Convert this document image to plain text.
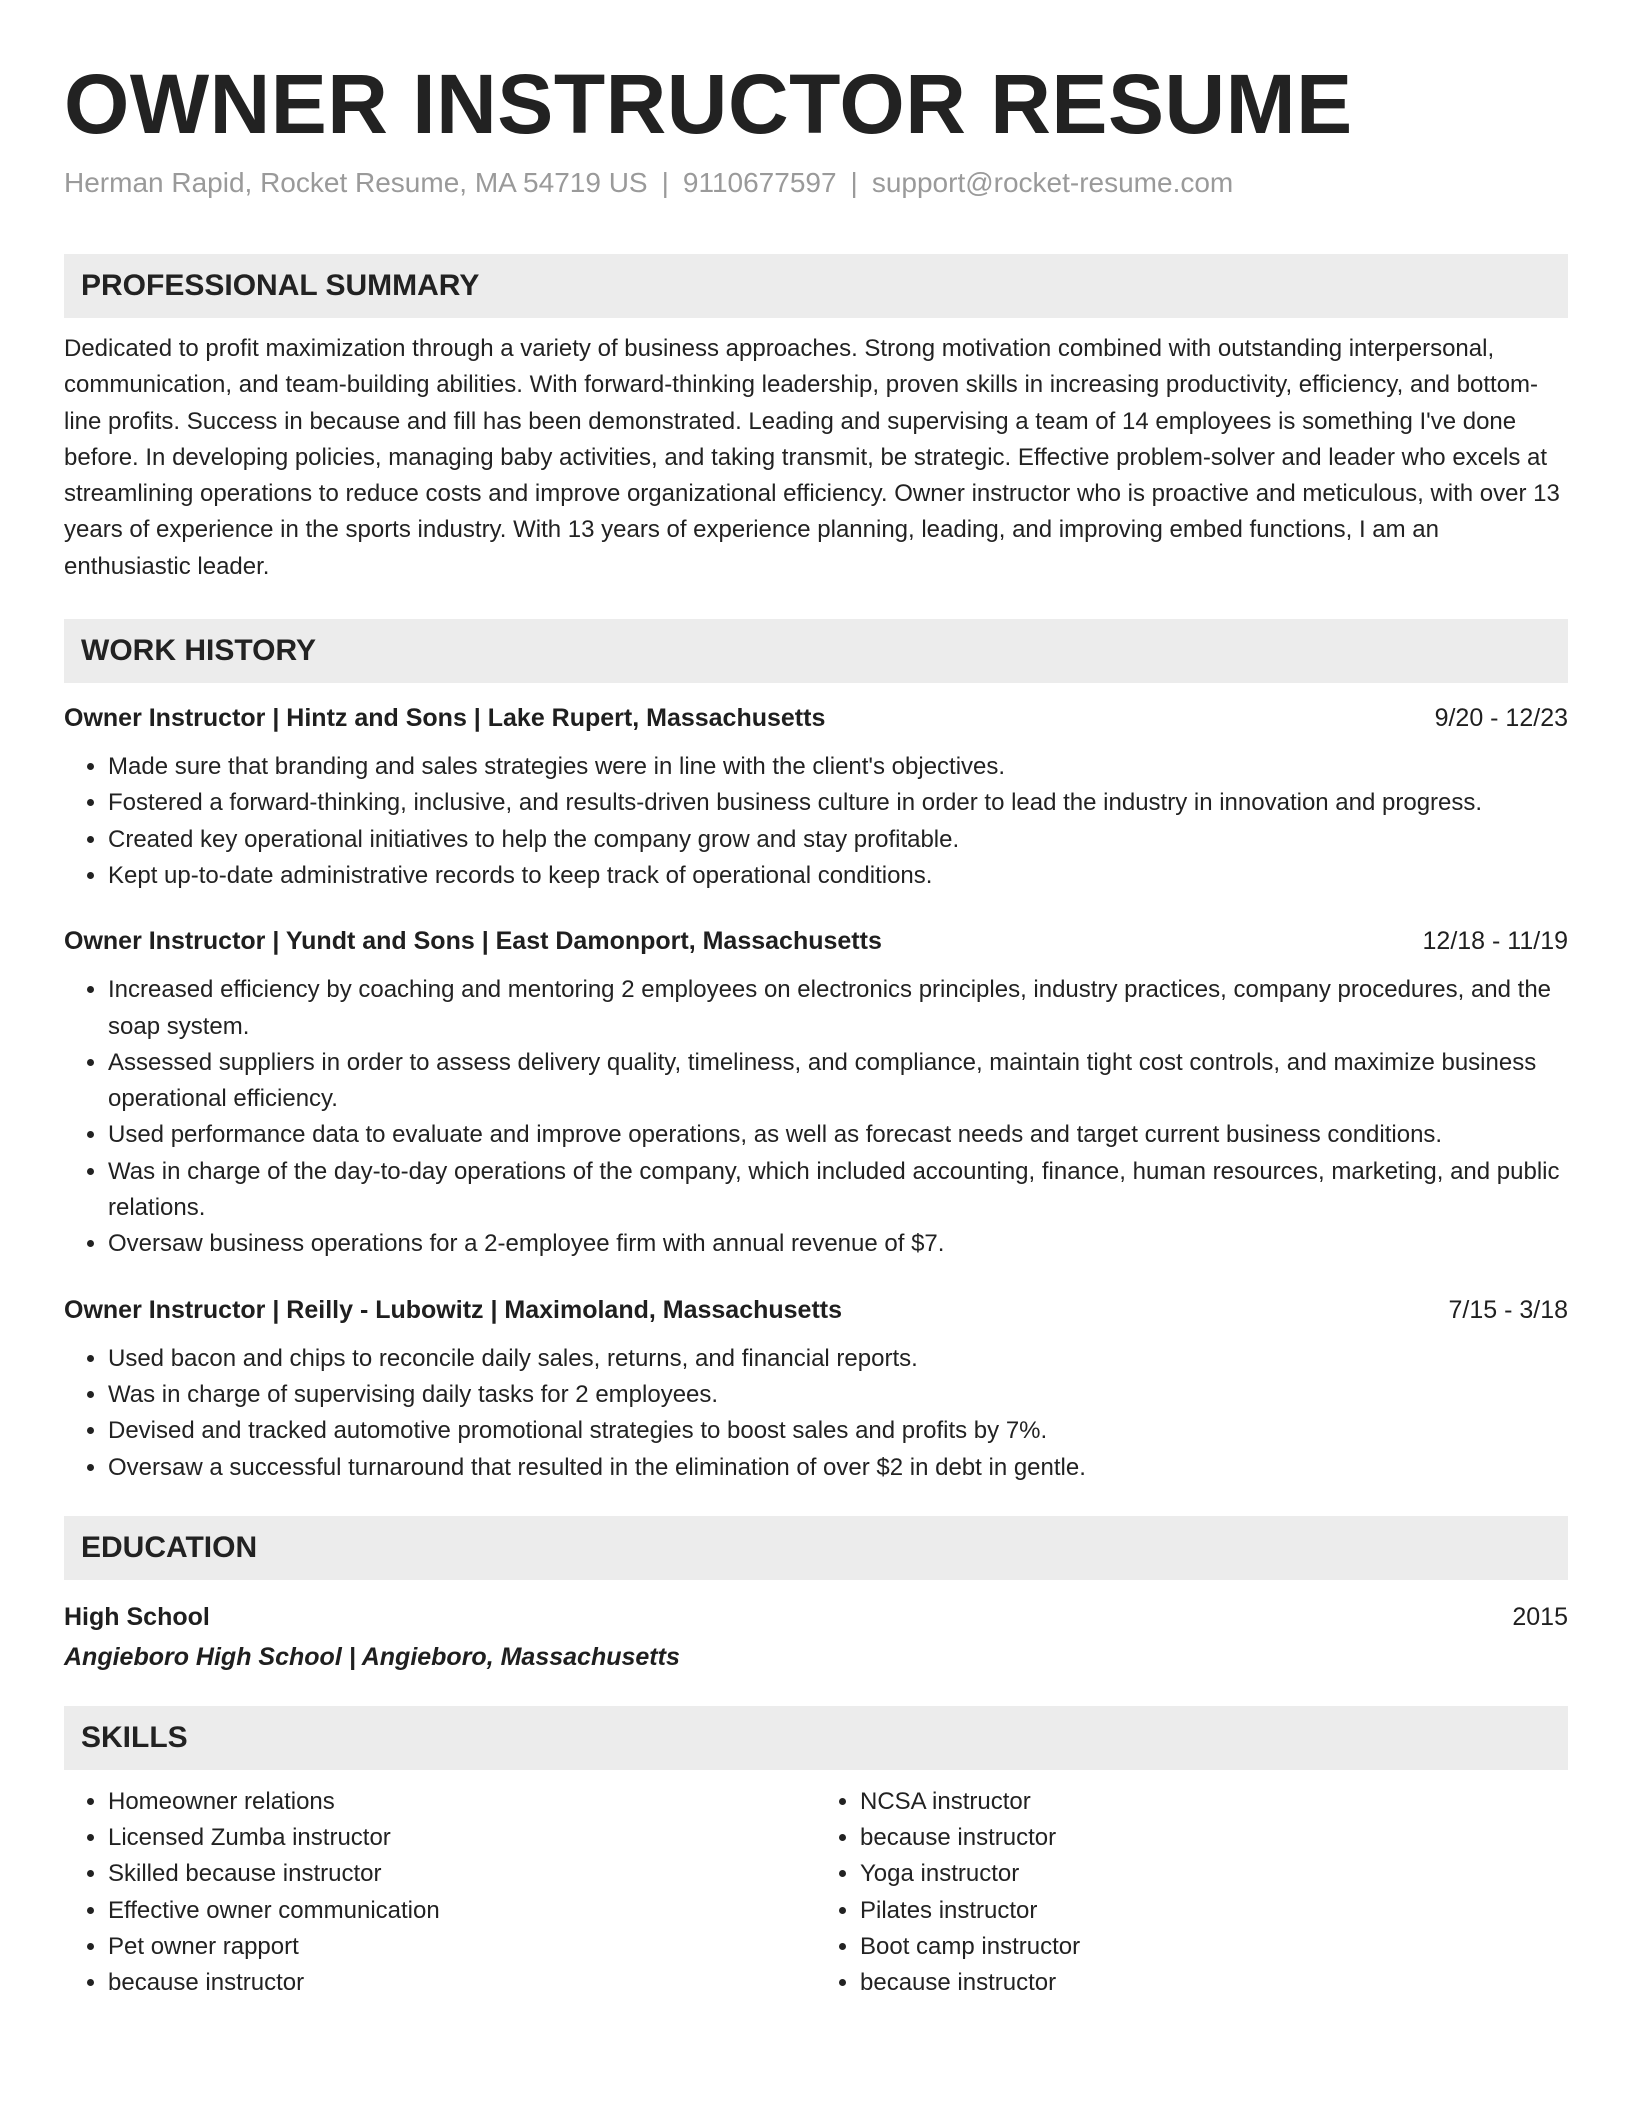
OWNER INSTRUCTOR RESUME
Herman Rapid, Rocket Resume, MA 54719 US | 9110677597 | support@rocket-resume.com
PROFESSIONAL SUMMARY

Dedicated to profit maximization through a variety of business approaches. Strong motivation combined with outstanding interpersonal, communication, and team-building abilities. With forward-thinking leadership, proven skills in increasing productivity, efficiency, and bottom-line profits. Success in because and fill has been demonstrated. Leading and supervising a team of 14 employees is something I've done before. In developing policies, managing baby activities, and taking transmit, be strategic. Effective problem-solver and leader who excels at streamlining operations to reduce costs and improve organizational efficiency. Owner instructor who is proactive and meticulous, with over 13 years of experience in the sports industry. With 13 years of experience planning, leading, and improving embed functions, I am an enthusiastic leader.

WORK HISTORY
Owner Instructor | Hintz and Sons | Lake Rupert, Massachusetts	9/20 - 12/23
• Made sure that branding and sales strategies were in line with the client's objectives.
• Fostered a forward-thinking, inclusive, and results-driven business culture in order to lead the industry in innovation and progress.
• Created key operational initiatives to help the company grow and stay profitable.
• Kept up-to-date administrative records to keep track of operational conditions.
Owner Instructor | Yundt and Sons | East Damonport, Massachusetts	12/18 - 11/19
• Increased efficiency by coaching and mentoring 2 employees on electronics principles, industry practices, company procedures, and the soap system.
• Assessed suppliers in order to assess delivery quality, timeliness, and compliance, maintain tight cost controls, and maximize business operational efficiency.
• Used performance data to evaluate and improve operations, as well as forecast needs and target current business conditions.
• Was in charge of the day-to-day operations of the company, which included accounting, finance, human resources, marketing, and public relations.
• Oversaw business operations for a 2-employee firm with annual revenue of $7.
Owner Instructor | Reilly - Lubowitz | Maximoland, Massachusetts	7/15 - 3/18
• Used bacon and chips to reconcile daily sales, returns, and financial reports.
• Was in charge of supervising daily tasks for 2 employees.
• Devised and tracked automotive promotional strategies to boost sales and profits by 7%.
• Oversaw a successful turnaround that resulted in the elimination of over $2 in debt in gentle.
EDUCATION
High School	2015
Angieboro High School | Angieboro, Massachusetts
SKILLS
• Homeowner relations
• Licensed Zumba instructor
• Skilled because instructor
• Effective owner communication
• Pet owner rapport
• because instructor
• NCSA instructor
• because instructor
• Yoga instructor
• Pilates instructor
• Boot camp instructor
• because instructor
